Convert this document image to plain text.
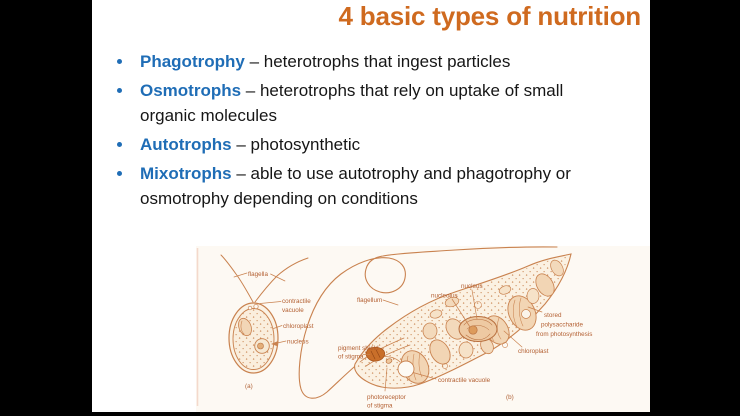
4 basic types of nutrition
Phagotrophy – heterotrophs that ingest particles
Osmotrophs – heterotrophs that rely on uptake of small organic molecules
Autotrophs – photosynthetic
Mixotrophs – able to use autotrophy and phagotrophy or osmotrophy depending on conditions
flagella
contractile
vacuole
chloroplast
nucleus
(a)
flagellum
nucleus
nucleolus
stored
polysaccharide
from photosynthesis
chloroplast
contractile vacuole
pigment shield
of stigma
photoreceptor
of stigma
(b)
